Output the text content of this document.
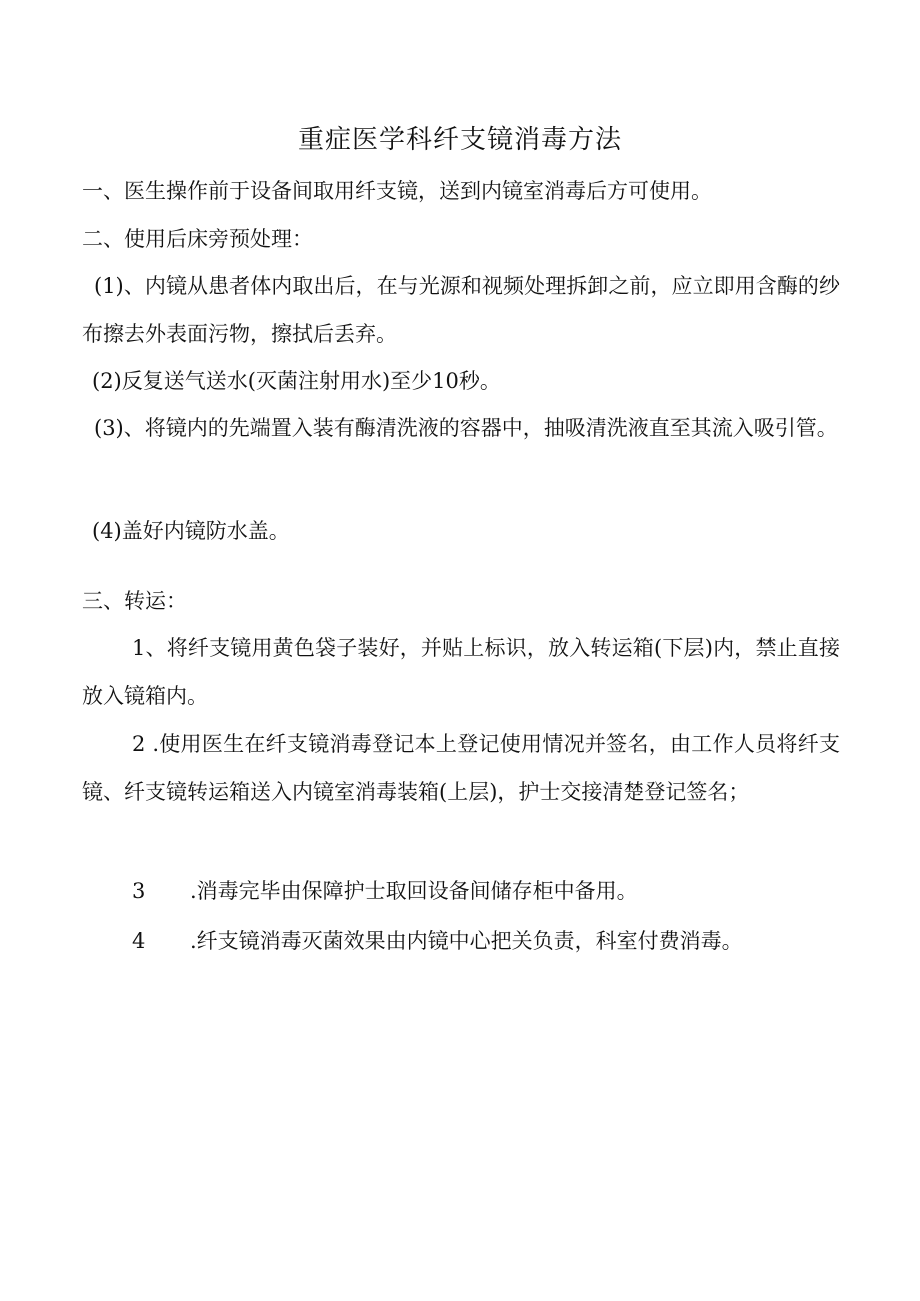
重症医学科纤支镜消毒方法
一、医生操作前于设备间取用纤支镜，送到内镜室消毒后方可使用。
二、使用后床旁预处理：
(1)、内镜从患者体内取出后，在与光源和视频处理拆卸之前，应立即用含酶的纱布擦去外表面污物，擦拭后丢弃。
(2)反复送气送水(灭菌注射用水)至少10秒。
(3)、将镜内的先端置入装有酶清洗液的容器中，抽吸清洗液直至其流入吸引管。
(4)盖好内镜防水盖。
三、转运：
1、将纤支镜用黄色袋子装好，并贴上标识，放入转运箱(下层)内，禁止直接放入镜箱内。
2 .使用医生在纤支镜消毒登记本上登记使用情况并签名，由工作人员将纤支镜、纤支镜转运箱送入内镜室消毒装箱(上层)，护士交接清楚登记签名；
3 .消毒完毕由保障护士取回设备间储存柜中备用。
4 .纤支镜消毒灭菌效果由内镜中心把关负责，科室付费消毒。
